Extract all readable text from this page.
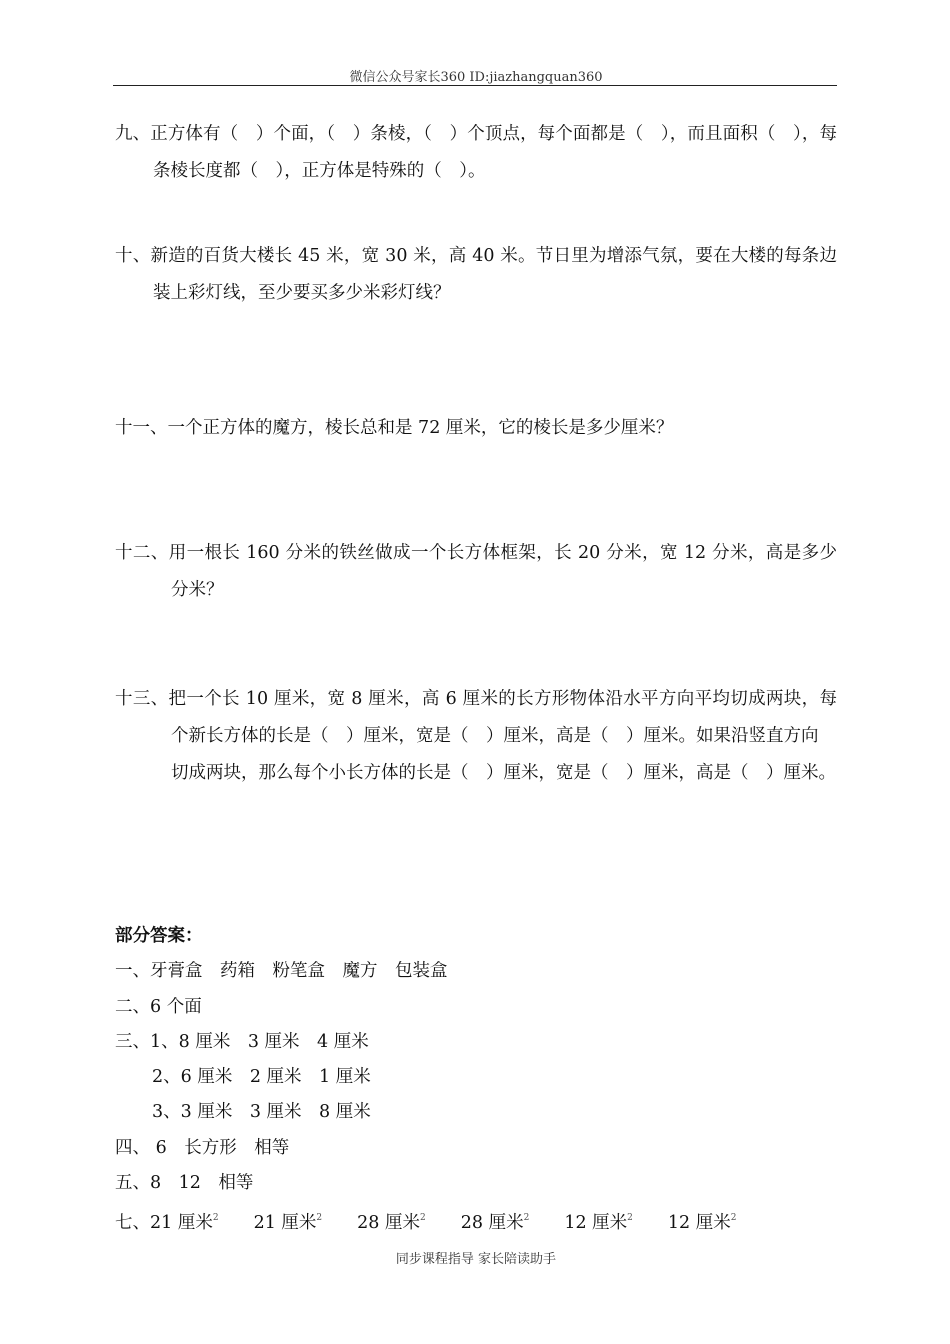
微信公众号家长360 ID:jiazhangquan360
九、正方体有（　）个面，（　）条棱，（　）个顶点，每个面都是（　），而且面积（　），每
条棱长度都（　），正方体是特殊的（　）。
十、新造的百货大楼长 45 米，宽 30 米，高 40 米。节日里为增添气氛，要在大楼的每条边
装上彩灯线，至少要买多少米彩灯线？
十一、一个正方体的魔方，棱长总和是 72 厘米，它的棱长是多少厘米？
十二、用一根长 160 分米的铁丝做成一个长方体框架，长 20 分米，宽 12 分米，高是多少
分米？
十三、把一个长 10 厘米，宽 8 厘米，高 6 厘米的长方形物体沿水平方向平均切成两块，每
个新长方体的长是（　）厘米，宽是（　）厘米，高是（　）厘米。如果沿竖直方向
切成两块，那么每个小长方体的长是（　）厘米，宽是（　）厘米，高是（　）厘米。
部分答案：
一、牙膏盒　药箱　粉笔盒　魔方　包装盒
二、6 个面
三、1、8 厘米　3 厘米　4 厘米
2、6 厘米　2 厘米　1 厘米
3、3 厘米　3 厘米　8 厘米
四、 6　长方形　相等
五、8　12　相等
七、21 厘米$^2$　　 21 厘米$^2$　　 28 厘米$^2$　　 28 厘米$^2$　　 12 厘米$^2$　　 12 厘米$^2$
同步课程指导 家长陪读助手
